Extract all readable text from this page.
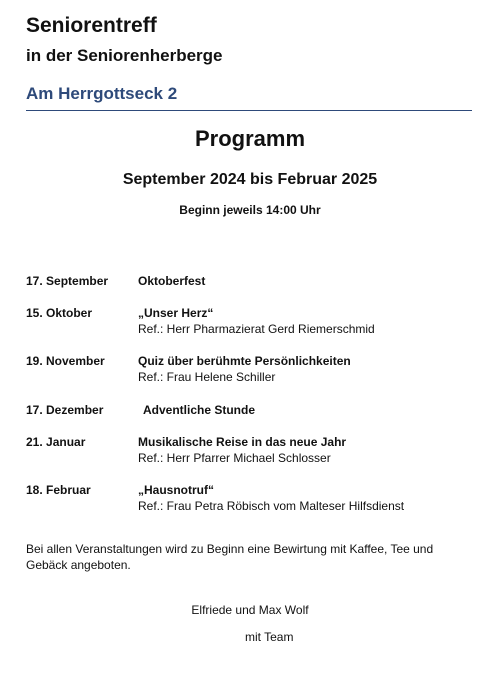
Seniorentreff
in der Seniorenherberge
Am Herrgottseck 2
Programm
September 2024 bis Februar 2025
Beginn jeweils 14:00 Uhr
17. September Oktoberfest
15. Oktober	„Unser Herz“
Ref.: Herr Pharmazierat Gerd Riemerschmid
19. November	Quiz über berühmte Persönlichkeiten
Ref.: Frau Helene Schiller
17. Dezember	Adventliche Stunde
21. Januar	Musikalische Reise in das neue Jahr
Ref.: Herr Pfarrer Michael Schlosser
18. Februar	„Hausnotruf“
Ref.: Frau Petra Röbisch vom Malteser Hilfsdienst
Bei allen Veranstaltungen wird zu Beginn eine Bewirtung mit Kaffee, Tee und Gebäck angeboten.
Elfriede und Max Wolf
mit Team
